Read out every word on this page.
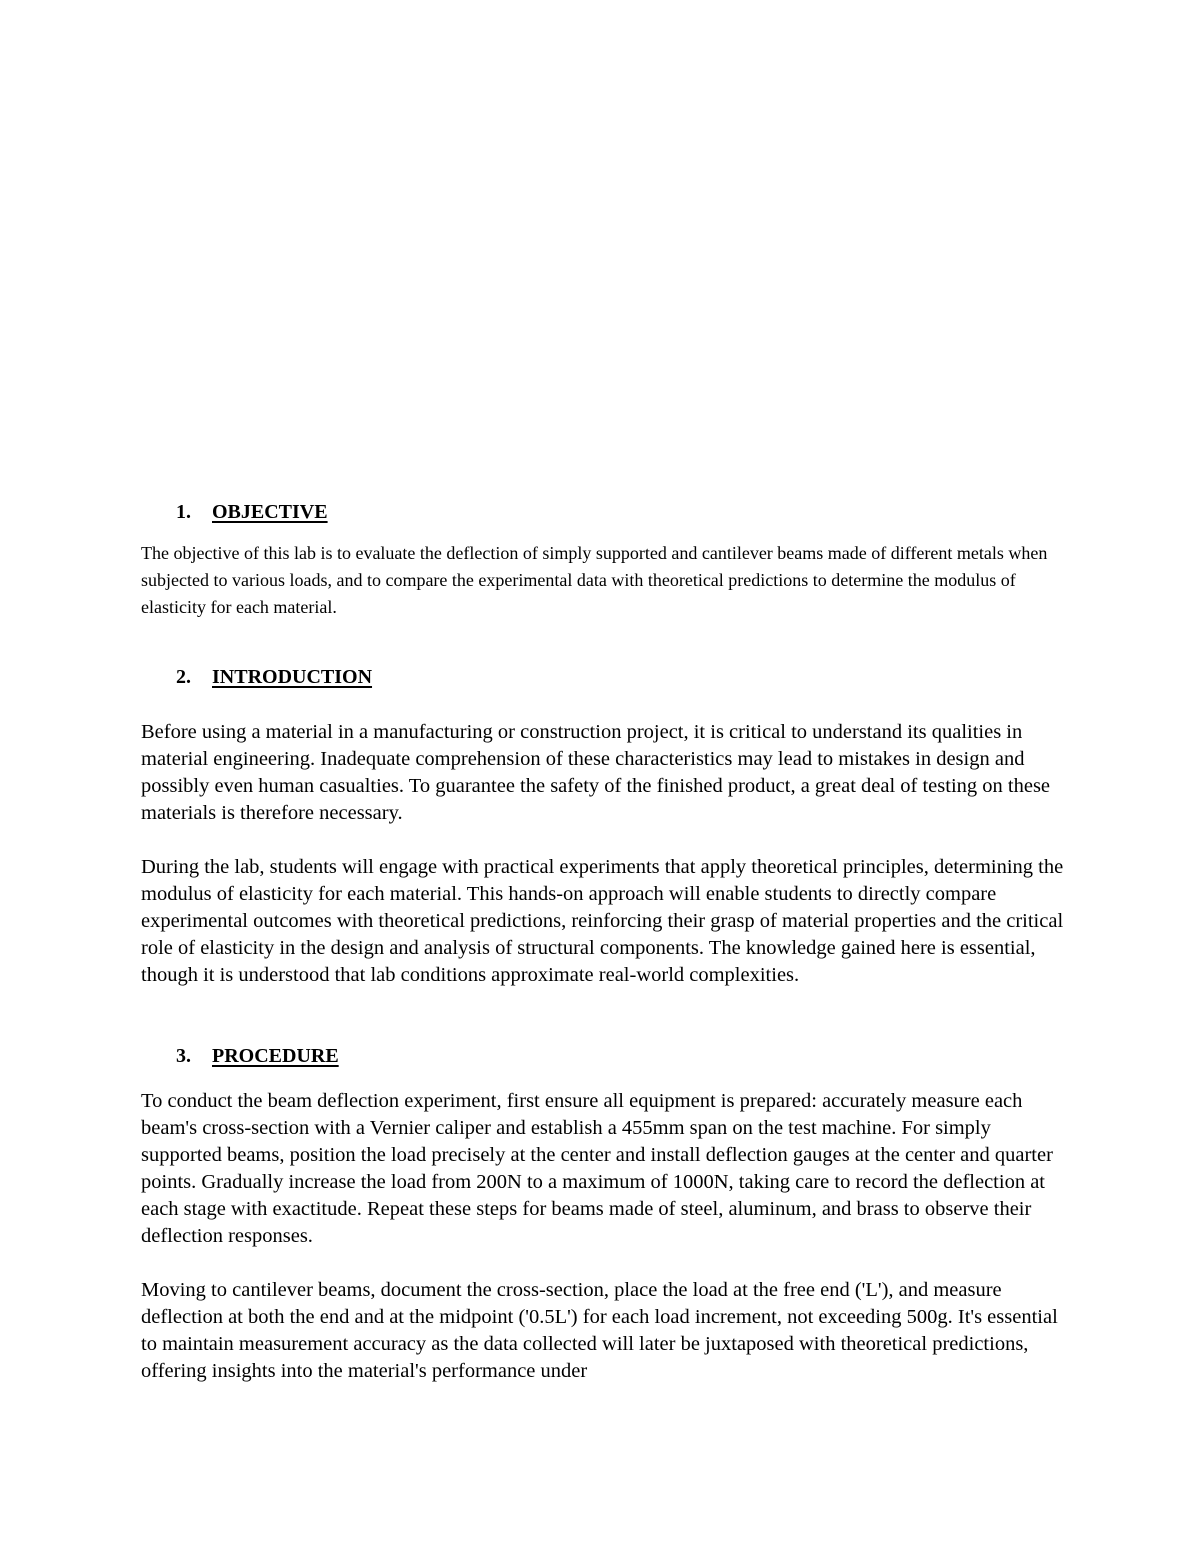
1. OBJECTIVE

The objective of this lab is to evaluate the deflection of simply supported and cantilever beams made of different metals when subjected to various loads, and to compare the experimental data with theoretical predictions to determine the modulus of elasticity for each material.

2. INTRODUCTION

Before using a material in a manufacturing or construction project, it is critical to understand its qualities in material engineering. Inadequate comprehension of these characteristics may lead to mistakes in design and possibly even human casualties. To guarantee the safety of the finished product, a great deal of testing on these materials is therefore necessary.

During the lab, students will engage with practical experiments that apply theoretical principles, determining the modulus of elasticity for each material. This hands-on approach will enable students to directly compare experimental outcomes with theoretical predictions, reinforcing their grasp of material properties and the critical role of elasticity in the design and analysis of structural components. The knowledge gained here is essential, though it is understood that lab conditions approximate real-world complexities.

3. PROCEDURE

To conduct the beam deflection experiment, first ensure all equipment is prepared: accurately measure each beam's cross-section with a Vernier caliper and establish a 455mm span on the test machine. For simply supported beams, position the load precisely at the center and install deflection gauges at the center and quarter points. Gradually increase the load from 200N to a maximum of 1000N, taking care to record the deflection at each stage with exactitude. Repeat these steps for beams made of steel, aluminum, and brass to observe their deflection responses.

Moving to cantilever beams, document the cross-section, place the load at the free end ('L'), and measure deflection at both the end and at the midpoint ('0.5L') for each load increment, not exceeding 500g. It's essential to maintain measurement accuracy as the data collected will later be juxtaposed with theoretical predictions, offering insights into the material's performance under
